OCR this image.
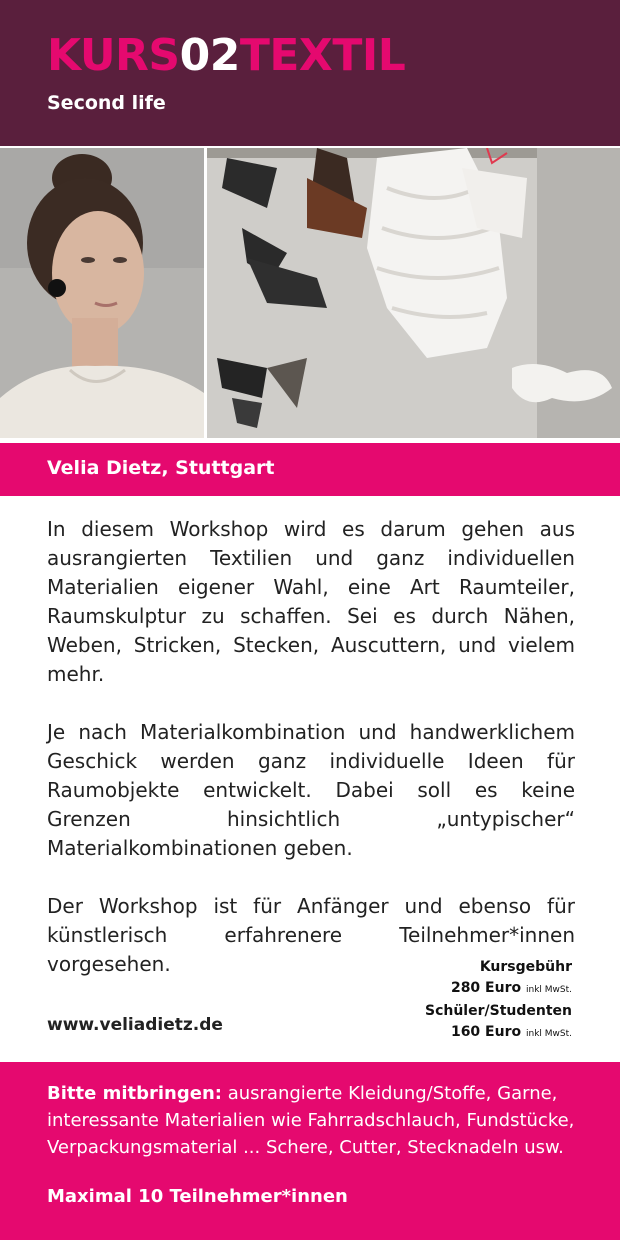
KURS02TEXTIL
Second life
Velia Dietz, Stuttgart

In diesem Workshop wird es darum gehen aus ausrangierten Textilien und ganz individuellen Materialien eigener Wahl, eine Art Raumteiler, Raumskulptur zu schaffen. Sei es durch Nähen, Weben, Stricken, Stecken, Auscuttern, und vielem mehr.

Je nach Materialkombination und handwerklichem Geschick werden ganz individuelle Ideen für Raumobjekte entwickelt. Dabei soll es keine Grenzen hinsichtlich „untypischer“ Materialkombinationen geben.

Der Workshop ist für Anfänger und ebenso für künstlerisch erfahrenere Teilnehmer*innen vorgesehen.	Kursgebühr
280 Euro inkl MwSt.
Schüler/Studenten
160 Euro inkl MwSt.
www.veliadietz.de
Bitte mitbringen: ausrangierte Kleidung/Stoffe, Garne, interessante Materialien wie Fahrradschlauch, Fundstücke, Verpackungsmaterial ... Schere, Cutter, Stecknadeln usw.
Maximal 10 Teilnehmer*innen
